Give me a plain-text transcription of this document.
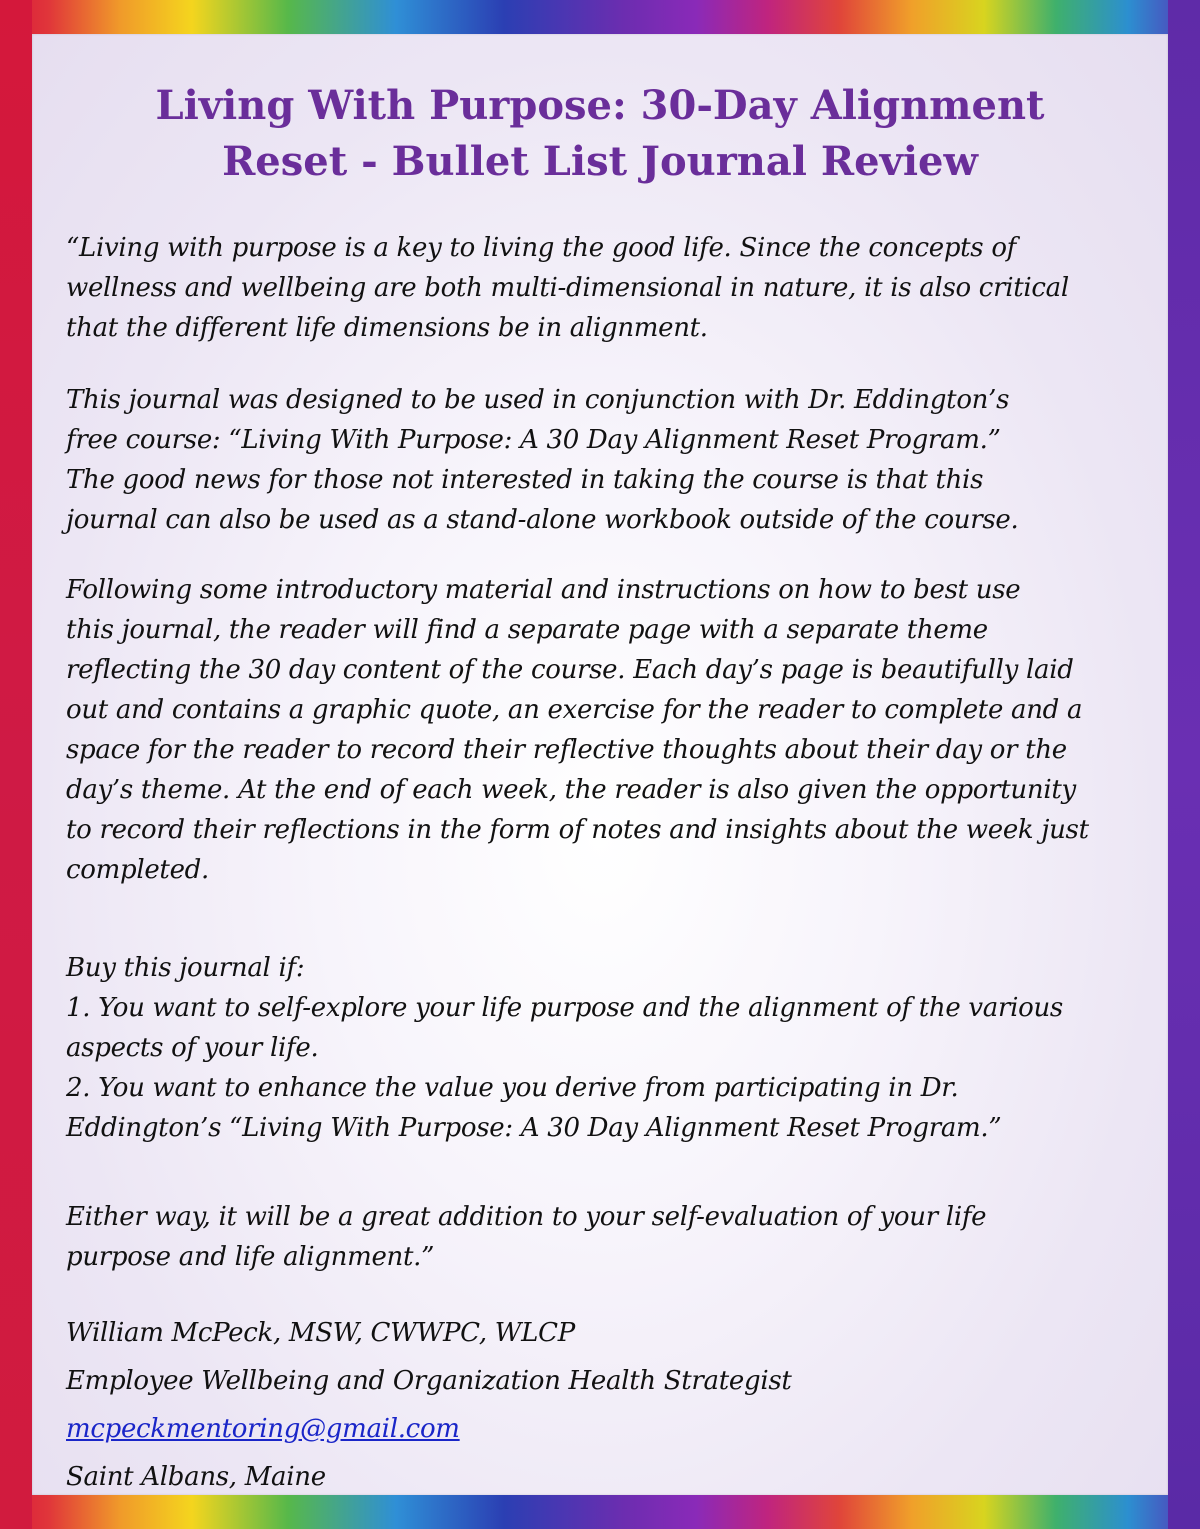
Living With Purpose: 30-Day Alignment
Reset - Bullet List Journal Review
“Living with purpose is a key to living the good life. Since the concepts of
wellness and wellbeing are both multi-dimensional in nature, it is also critical
that the different life dimensions be in alignment.
This journal was designed to be used in conjunction with Dr. Eddington’s
free course: “Living With Purpose: A 30 Day Alignment Reset Program.”
The good news for those not interested in taking the course is that this
journal can also be used as a stand-alone workbook outside of the course.
Following some introductory material and instructions on how to best use
this journal, the reader will find a separate page with a separate theme
reflecting the 30 day content of the course. Each day’s page is beautifully laid
out and contains a graphic quote, an exercise for the reader to complete and a
space for the reader to record their reflective thoughts about their day or the
day’s theme. At the end of each week, the reader is also given the opportunity
to record their reflections in the form of notes and insights about the week just
completed.
Buy this journal if:
1. You want to self-explore your life purpose and the alignment of the various
aspects of your life.
2. You want to enhance the value you derive from participating in Dr.
Eddington’s “Living With Purpose: A 30 Day Alignment Reset Program.”
Either way, it will be a great addition to your self-evaluation of your life
purpose and life alignment.”
William McPeck, MSW, CWWPC, WLCP
Employee Wellbeing and Organization Health Strategist
mcpeckmentoring@gmail.com
Saint Albans, Maine
